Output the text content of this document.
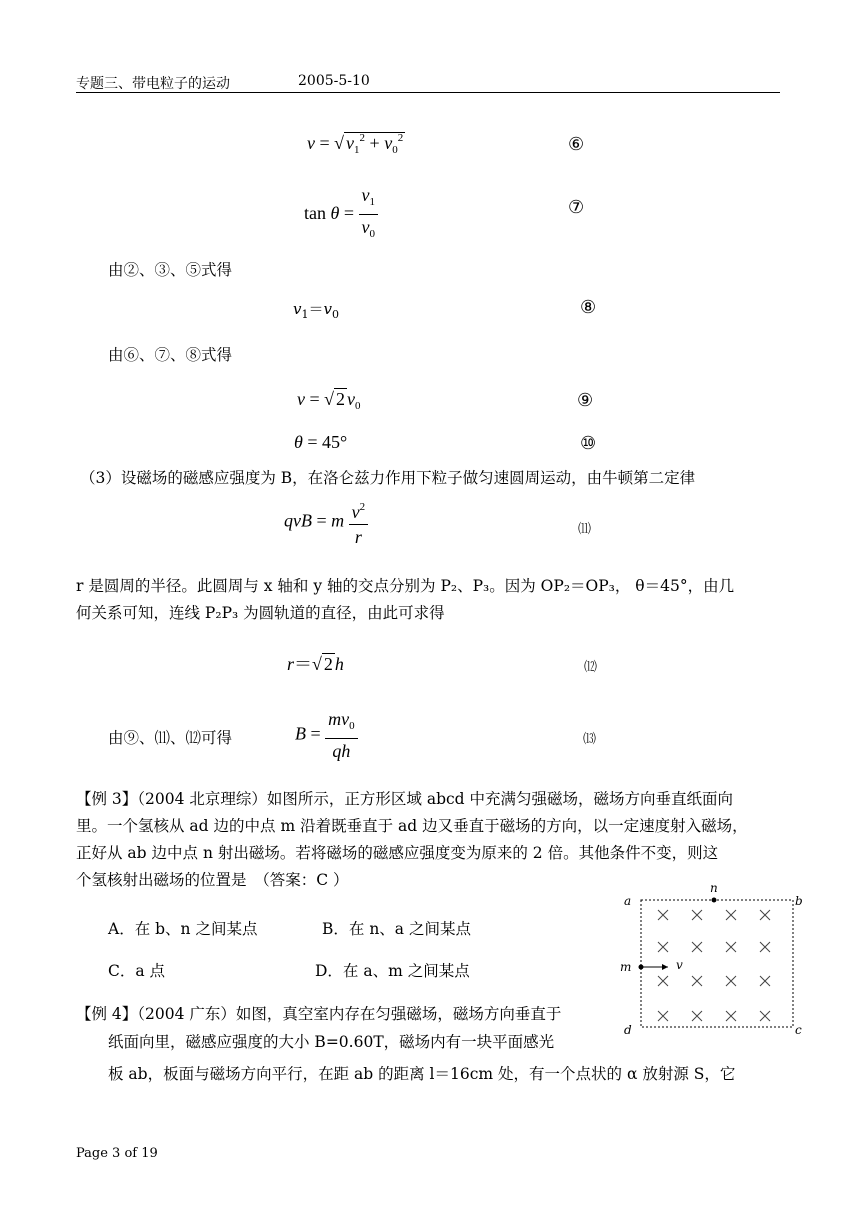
专题三、带电粒子的运动	2005-5-10
v = √ $v_1^2 + v_0^2$	⑥
$\tan \theta = \frac{v_1}{v_0}$	⑦
由②、③、⑤式得
$v_1=v_0$	⑧
由⑥、⑦、⑧式得
v = √ 2 $v_0$	⑨
θ = 45°	⑩
（3）设磁场的磁感应强度为 B，在洛仑兹力作用下粒子做匀速圆周运动，由牛顿第二定律
qvB = m $\frac{v^2}{r}$	⑾
r 是圆周的半径。此圆周与 x 轴和 y 轴的交点分别为 P₂、P₃。因为 OP₂＝OP₃， θ＝45°，由几
何关系可知，连线 P₂P₃ 为圆轨道的直径，由此可求得
r＝√ 2 h	⑿
由⑨、⑾、⑿可得	$B = \frac{mv_0}{qh}$	⒀
【例 3】（2004 北京理综）如图所示，正方形区域 abcd 中充满匀强磁场，磁场方向垂直纸面向
里。一个氢核从 ad 边的中点 m 沿着既垂直于 ad 边又垂直于磁场的方向，以一定速度射入磁场，
正好从 ab 边中点 n 射出磁场。若将磁场的磁感应强度变为原来的 2 倍。其他条件不变，则这
个氢核射出磁场的位置是　（答案：C ）
A．在 b、n 之间某点	B．在 n、a 之间某点
C．a 点	D．在 a、m 之间某点
a	b
c
d
n
m	v
【例 4】（2004 广东）如图，真空室内存在匀强磁场，磁场方向垂直于
纸面向里，磁感应强度的大小 B=0.60T，磁场内有一块平面感光
板 ab，板面与磁场方向平行，在距 ab 的距离 l＝16cm 处，有一个点状的 α 放射源 S，它
Page 3 of 19
